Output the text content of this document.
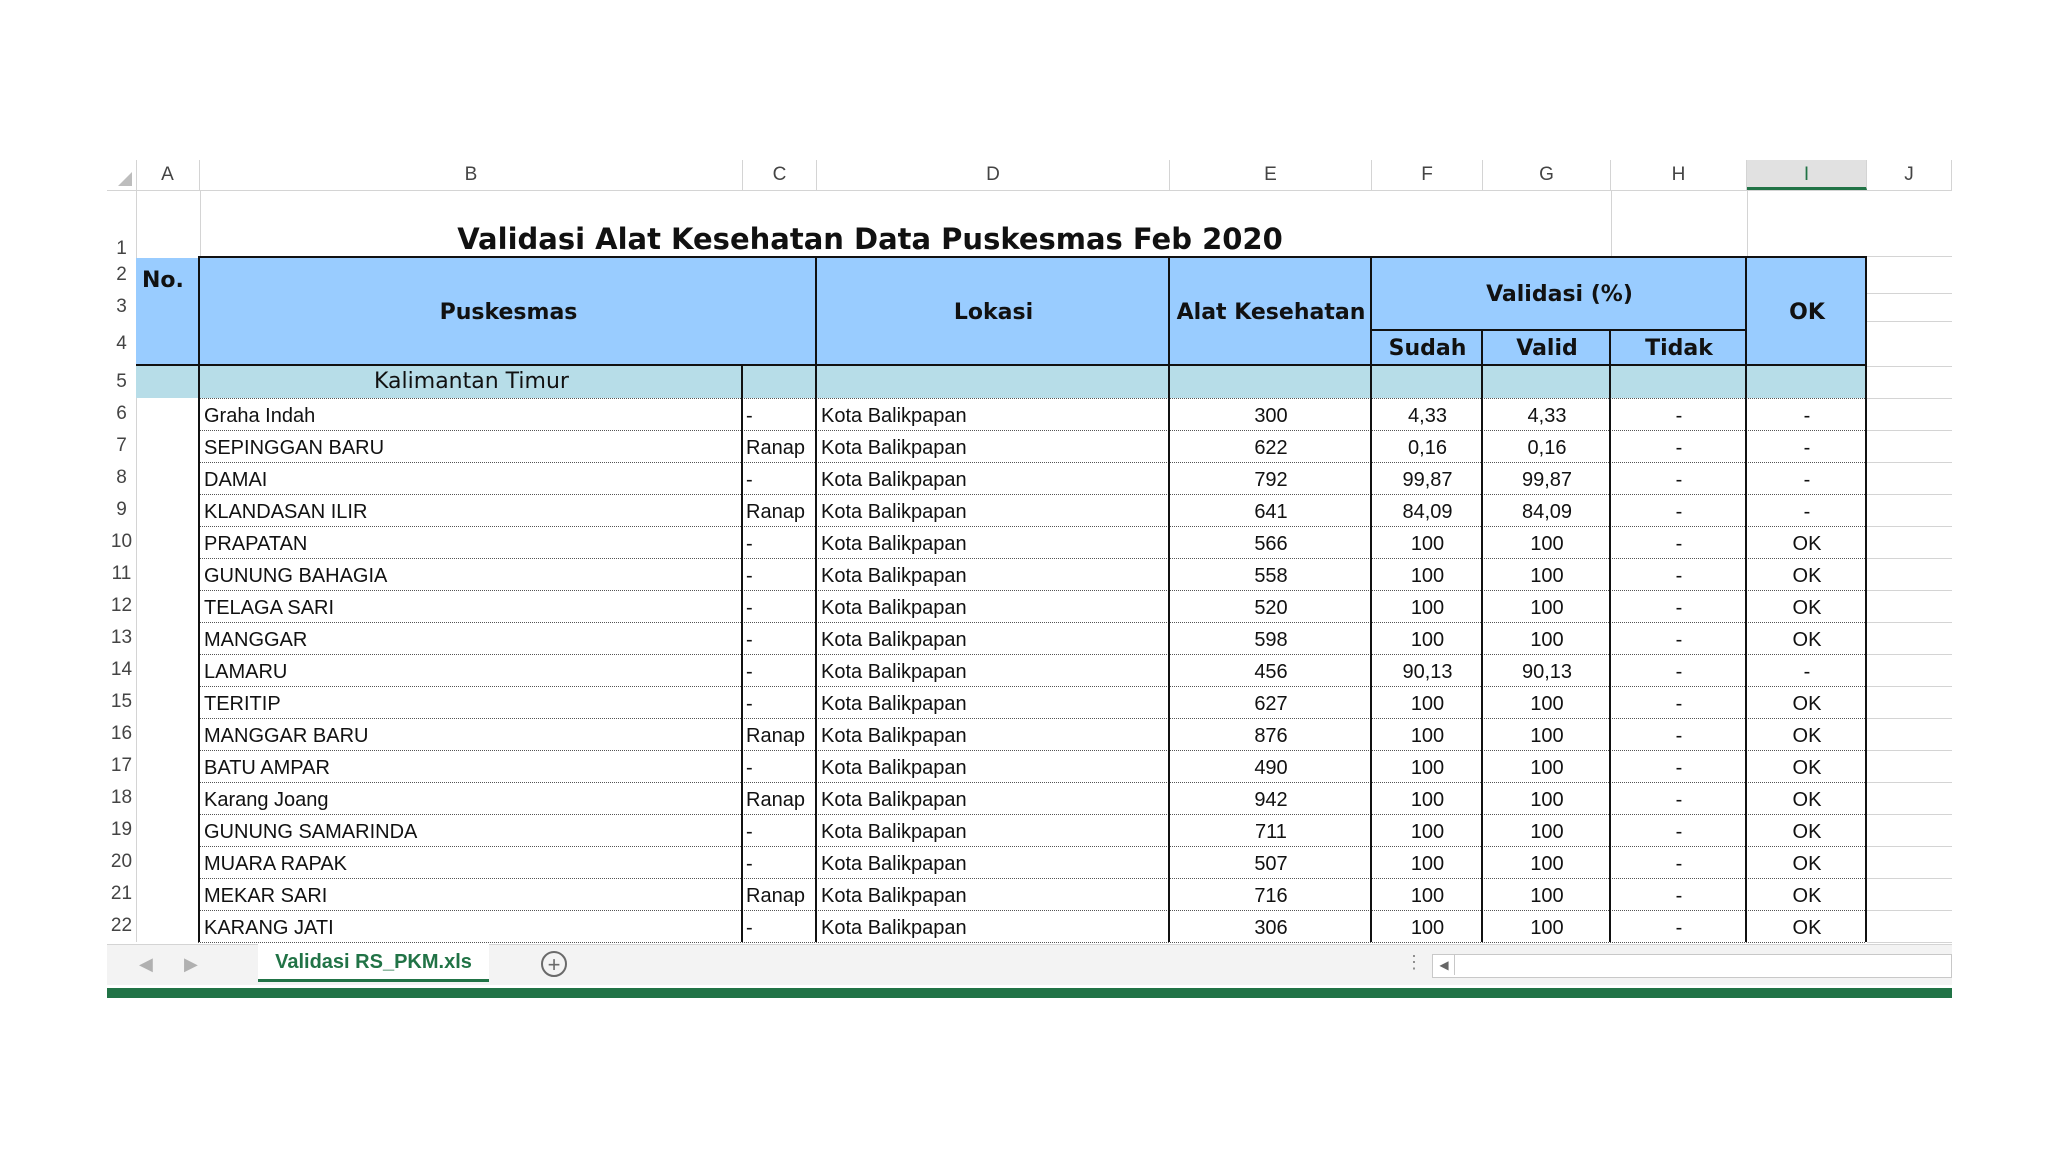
Validasi Alat Kesehatan Data Puskesmas Feb 2020
◀ ▶	Validasi RS_PKM.xls	+	⋮	◀
A	B	C	D	E	F	G	H	I	J
1
2
3
4
5
6
7
8
9
10
11
12
13
14
15
16
17
18
19
20
21
22
No.
Puskesmas	Lokasi	Alat Kesehatan
Validasi (%)
Sudah	Valid	Tidak
OK
Kalimantan Timur
Graha Indah	-	Kota Balikpapan	300	4,33	4,33	-	-
SEPINGGAN BARU	Ranap Kota Balikpapan	622	0,16	0,16	-	-
DAMAI	-	Kota Balikpapan	792	99,87	99,87	-	-
KLANDASAN ILIR	Ranap Kota Balikpapan	641	84,09	84,09	-	-
PRAPATAN	-	Kota Balikpapan	566	100	100	-	OK
GUNUNG BAHAGIA	-	Kota Balikpapan	558	100	100	-	OK
TELAGA SARI	-	Kota Balikpapan	520	100	100	-	OK
MANGGAR	-	Kota Balikpapan	598	100	100	-	OK
LAMARU	-	Kota Balikpapan	456	90,13	90,13	-	-
TERITIP	-	Kota Balikpapan	627	100	100	-	OK
MANGGAR BARU	Ranap Kota Balikpapan	876	100	100	-	OK
BATU AMPAR	-	Kota Balikpapan	490	100	100	-	OK
Karang Joang	Ranap Kota Balikpapan	942	100	100	-	OK
GUNUNG SAMARINDA	-	Kota Balikpapan	711	100	100	-	OK
MUARA RAPAK	-	Kota Balikpapan	507	100	100	-	OK
MEKAR SARI	Ranap Kota Balikpapan	716	100	100	-	OK
KARANG JATI	-	Kota Balikpapan	306	100	100	-	OK
